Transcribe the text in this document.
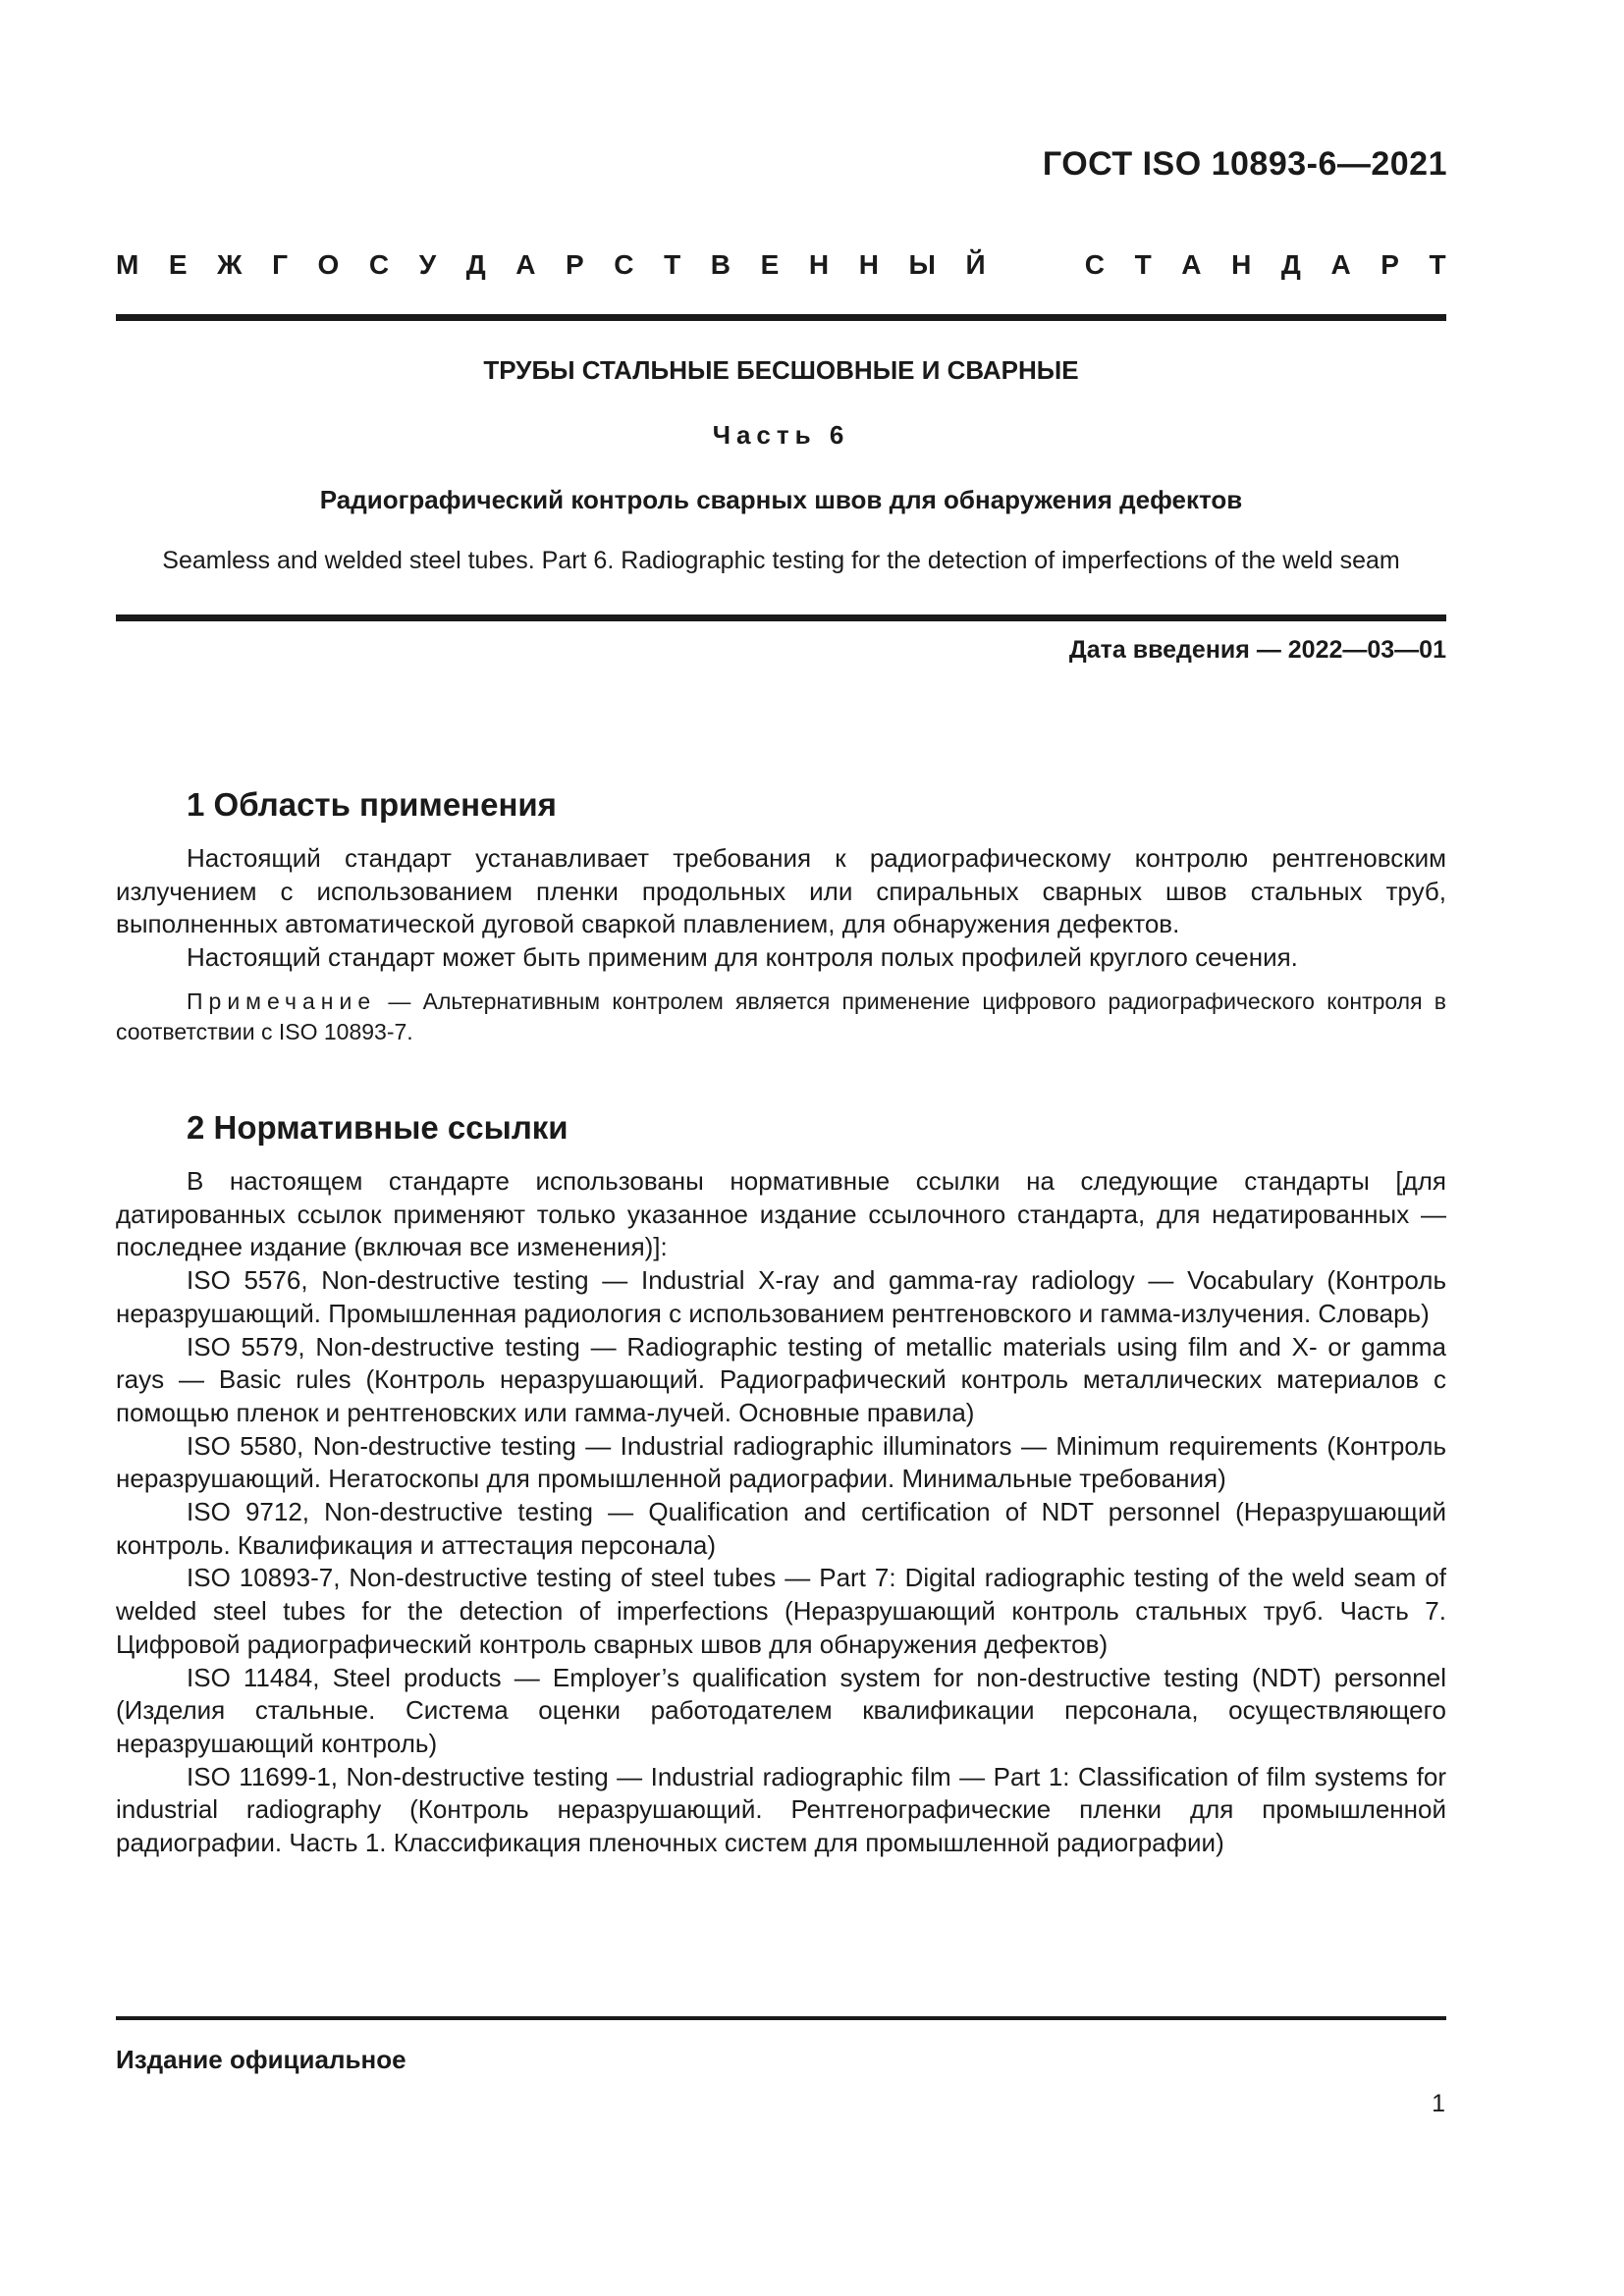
ГОСТ ISO 10893-6—2021
М Е Ж Г О С У Д А Р С Т В Е Н Н Ы Й	С Т А Н Д А Р Т
ТРУБЫ СТАЛЬНЫЕ БЕСШОВНЫЕ И СВАРНЫЕ
Часть 6
Радиографический контроль сварных швов для обнаружения дефектов
Seamless and welded steel tubes. Part 6. Radiographic testing for the detection of imperfections of the weld seam
Дата введения — 2022—03—01
1 Область применения

Настоящий стандарт устанавливает требования к радиографическому контролю рентгеновским излучением с использованием пленки продольных или спиральных сварных швов стальных труб, выполненных автоматической дуговой сваркой плавлением, для обнаружения дефектов.

Настоящий стандарт может быть применим для контроля полых профилей круглого сечения.

Примечание — Альтернативным контролем является применение цифрового радиографического контроля в соответствии с ISO 10893-7.

2 Нормативные ссылки

В настоящем стандарте использованы нормативные ссылки на следующие стандарты [для датированных ссылок применяют только указанное издание ссылочного стандарта, для недатированных — последнее издание (включая все изменения)]:

ISO 5576, Non-destructive testing — Industrial X-ray and gamma-ray radiology — Vocabulary (Контроль неразрушающий. Промышленная радиология с использованием рентгеновского и гамма-излучения. Словарь)

ISO 5579, Non-destructive testing — Radiographic testing of metallic materials using film and X- or gamma rays — Basic rules (Контроль неразрушающий. Радиографический контроль металлических материалов с помощью пленок и рентгеновских или гамма-лучей. Основные правила)

ISO 5580, Non-destructive testing — Industrial radiographic illuminators — Minimum requirements (Контроль неразрушающий. Негатоскопы для промышленной радиографии. Минимальные требования)

ISO 9712, Non-destructive testing — Qualification and certification of NDT personnel (Неразрушающий контроль. Квалификация и аттестация персонала)

ISO 10893-7, Non-destructive testing of steel tubes — Part 7: Digital radiographic testing of the weld seam of welded steel tubes for the detection of imperfections (Неразрушающий контроль стальных труб. Часть 7. Цифровой радиографический контроль сварных швов для обнаружения дефектов)

ISO 11484, Steel products — Employer’s qualification system for non-destructive testing (NDT) personnel (Изделия стальные. Система оценки работодателем квалификации персонала, осуществляющего неразрушающий контроль)

ISO 11699-1, Non-destructive testing — Industrial radiographic film — Part 1: Classification of film systems for industrial radiography (Контроль неразрушающий. Рентгенографические пленки для промышленной радиографии. Часть 1. Классификация пленочных систем для промышленной радиографии)

Издание официальное
1
